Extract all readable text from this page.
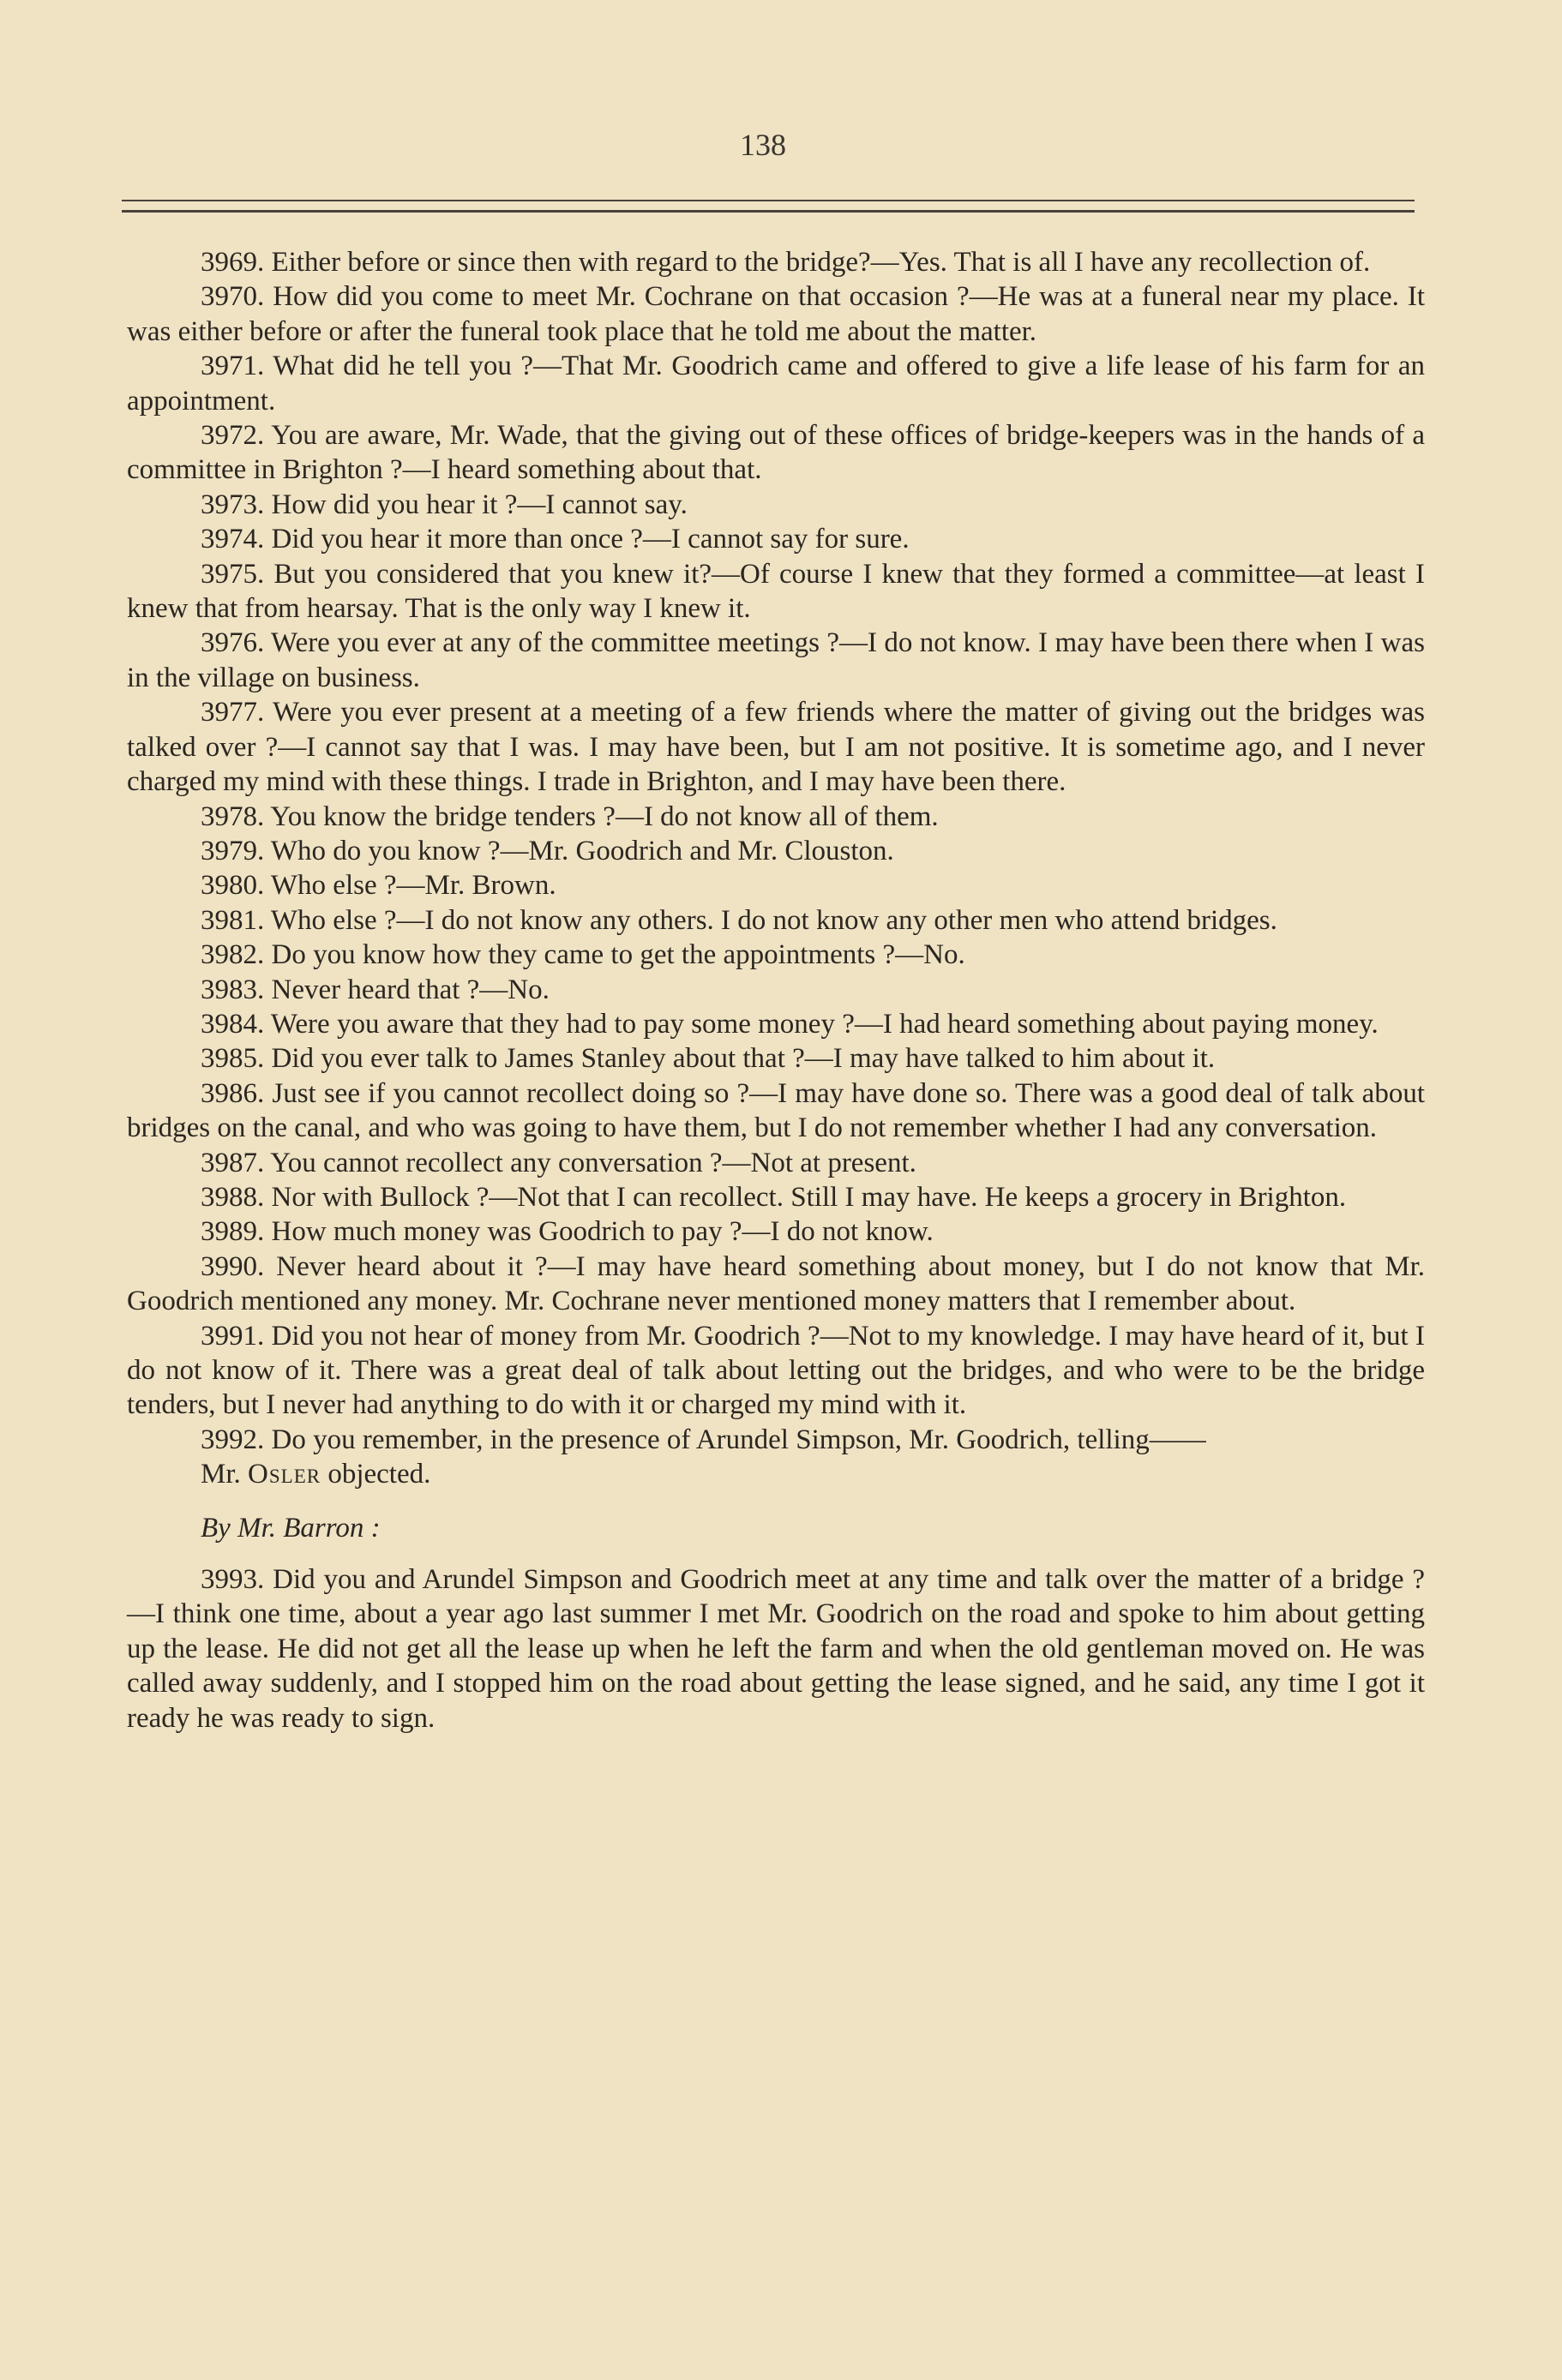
138

3969. Either before or since then with regard to the bridge?—Yes. That is all I have any recollection of.

3970. How did you come to meet Mr. Cochrane on that occasion ?—He was at a funeral near my place. It was either before or after the funeral took place that he told me about the matter.

3971. What did he tell you ?—That Mr. Goodrich came and offered to give a life lease of his farm for an appointment.

3972. You are aware, Mr. Wade, that the giving out of these offices of bridge-keepers was in the hands of a committee in Brighton ?—I heard something about that.

3973. How did you hear it ?—I cannot say.

3974. Did you hear it more than once ?—I cannot say for sure.

3975. But you considered that you knew it?—Of course I knew that they formed a committee—at least I knew that from hearsay. That is the only way I knew it.

3976. Were you ever at any of the committee meetings ?—I do not know. I may have been there when I was in the village on business.

3977. Were you ever present at a meeting of a few friends where the matter of giving out the bridges was talked over ?—I cannot say that I was. I may have been, but I am not positive. It is sometime ago, and I never charged my mind with these things. I trade in Brighton, and I may have been there.

3978. You know the bridge tenders ?—I do not know all of them.

3979. Who do you know ?—Mr. Goodrich and Mr. Clouston.

3980. Who else ?—Mr. Brown.

3981. Who else ?—I do not know any others. I do not know any other men who attend bridges.

3982. Do you know how they came to get the appointments ?—No.

3983. Never heard that ?—No.

3984. Were you aware that they had to pay some money ?—I had heard something about paying money.

3985. Did you ever talk to James Stanley about that ?—I may have talked to him about it.

3986. Just see if you cannot recollect doing so ?—I may have done so. There was a good deal of talk about bridges on the canal, and who was going to have them, but I do not remember whether I had any conversation.

3987. You cannot recollect any conversation ?—Not at present.

3988. Nor with Bullock ?—Not that I can recollect. Still I may have. He keeps a grocery in Brighton.

3989. How much money was Goodrich to pay ?—I do not know.

3990. Never heard about it ?—I may have heard something about money, but I do not know that Mr. Goodrich mentioned any money. Mr. Cochrane never mentioned money matters that I remember about.

3991. Did you not hear of money from Mr. Goodrich ?—Not to my knowledge. I may have heard of it, but I do not know of it. There was a great deal of talk about letting out the bridges, and who were to be the bridge tenders, but I never had anything to do with it or charged my mind with it.

3992. Do you remember, in the presence of Arundel Simpson, Mr. Goodrich, telling——

Mr. Osler objected.

By Mr. Barron :

3993. Did you and Arundel Simpson and Goodrich meet at any time and talk over the matter of a bridge ?—I think one time, about a year ago last summer I met Mr. Goodrich on the road and spoke to him about getting up the lease. He did not get all the lease up when he left the farm and when the old gentleman moved on. He was called away suddenly, and I stopped him on the road about getting the lease signed, and he said, any time I got it ready he was ready to sign.
